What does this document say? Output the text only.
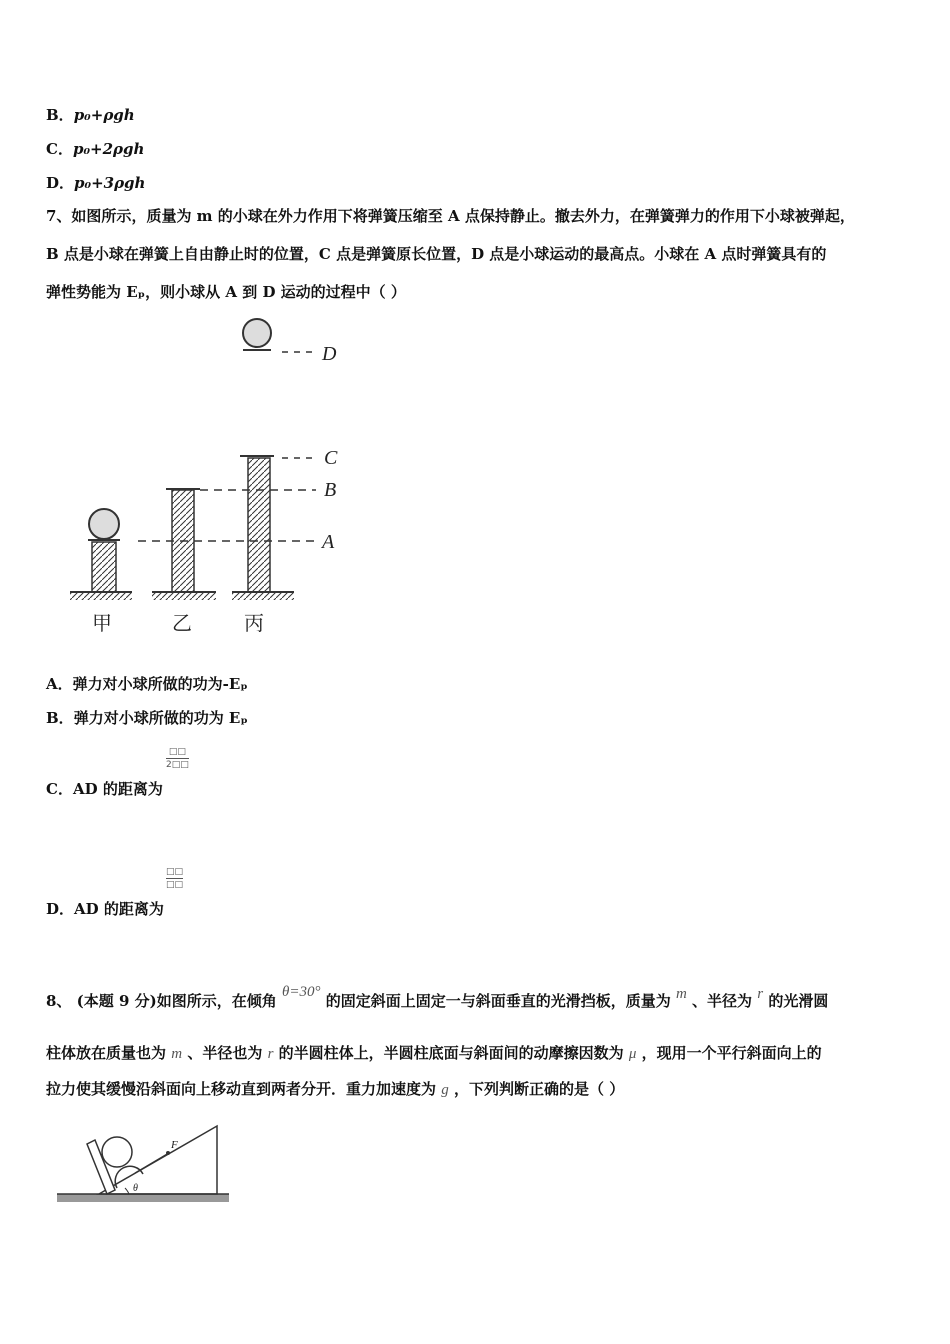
B．p₀+ρgh
C．p₀+2ρgh
D．p₀+3ρgh
7、如图所示，质量为 m 的小球在外力作用下将弹簧压缩至 A 点保持静止。撤去外力，在弹簧弹力的作用下小球被弹起，
B 点是小球在弹簧上自由静止时的位置，C 点是弹簧原长位置，D 点是小球运动的最高点。小球在 A 点时弹簧具有的
弹性势能为 Eₚ，则小球从 A 到 D 运动的过程中（ ）
D
C
B
A
甲	乙	丙
A．弹力对小球所做的功为-Eₚ
B．弹力对小球所做的功为 Eₚ
□□
2□□
C．AD 的距离为
□□
□□
D．AD 的距离为
8、 (本题 9 分)如图所示，在倾角 θ=30° 的固定斜面上固定一与斜面垂直的光滑挡板，质量为 m 、半径为 r 的光滑圆
柱体放在质量也为 m 、半径也为 r 的半圆柱体上，半圆柱底面与斜面间的动摩擦因数为 μ ，现用一个平行斜面向上的
拉力使其缓慢沿斜面向上移动直到两者分开．重力加速度为 g ，下列判断正确的是（ ）
F
θ
